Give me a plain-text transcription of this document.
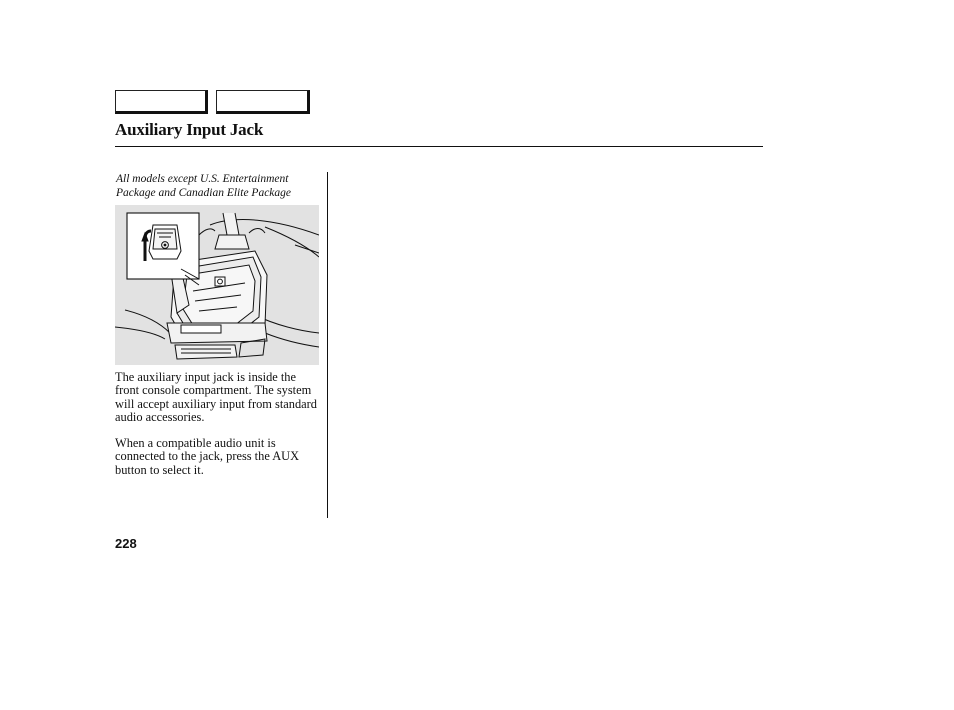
Auxiliary Input Jack
All models except U.S. Entertainment Package and Canadian Elite Package
The auxiliary input jack is inside the front console compartment. The system will accept auxiliary input from standard audio accessories.
When a compatible audio unit is connected to the jack, press the AUX button to select it.
228
